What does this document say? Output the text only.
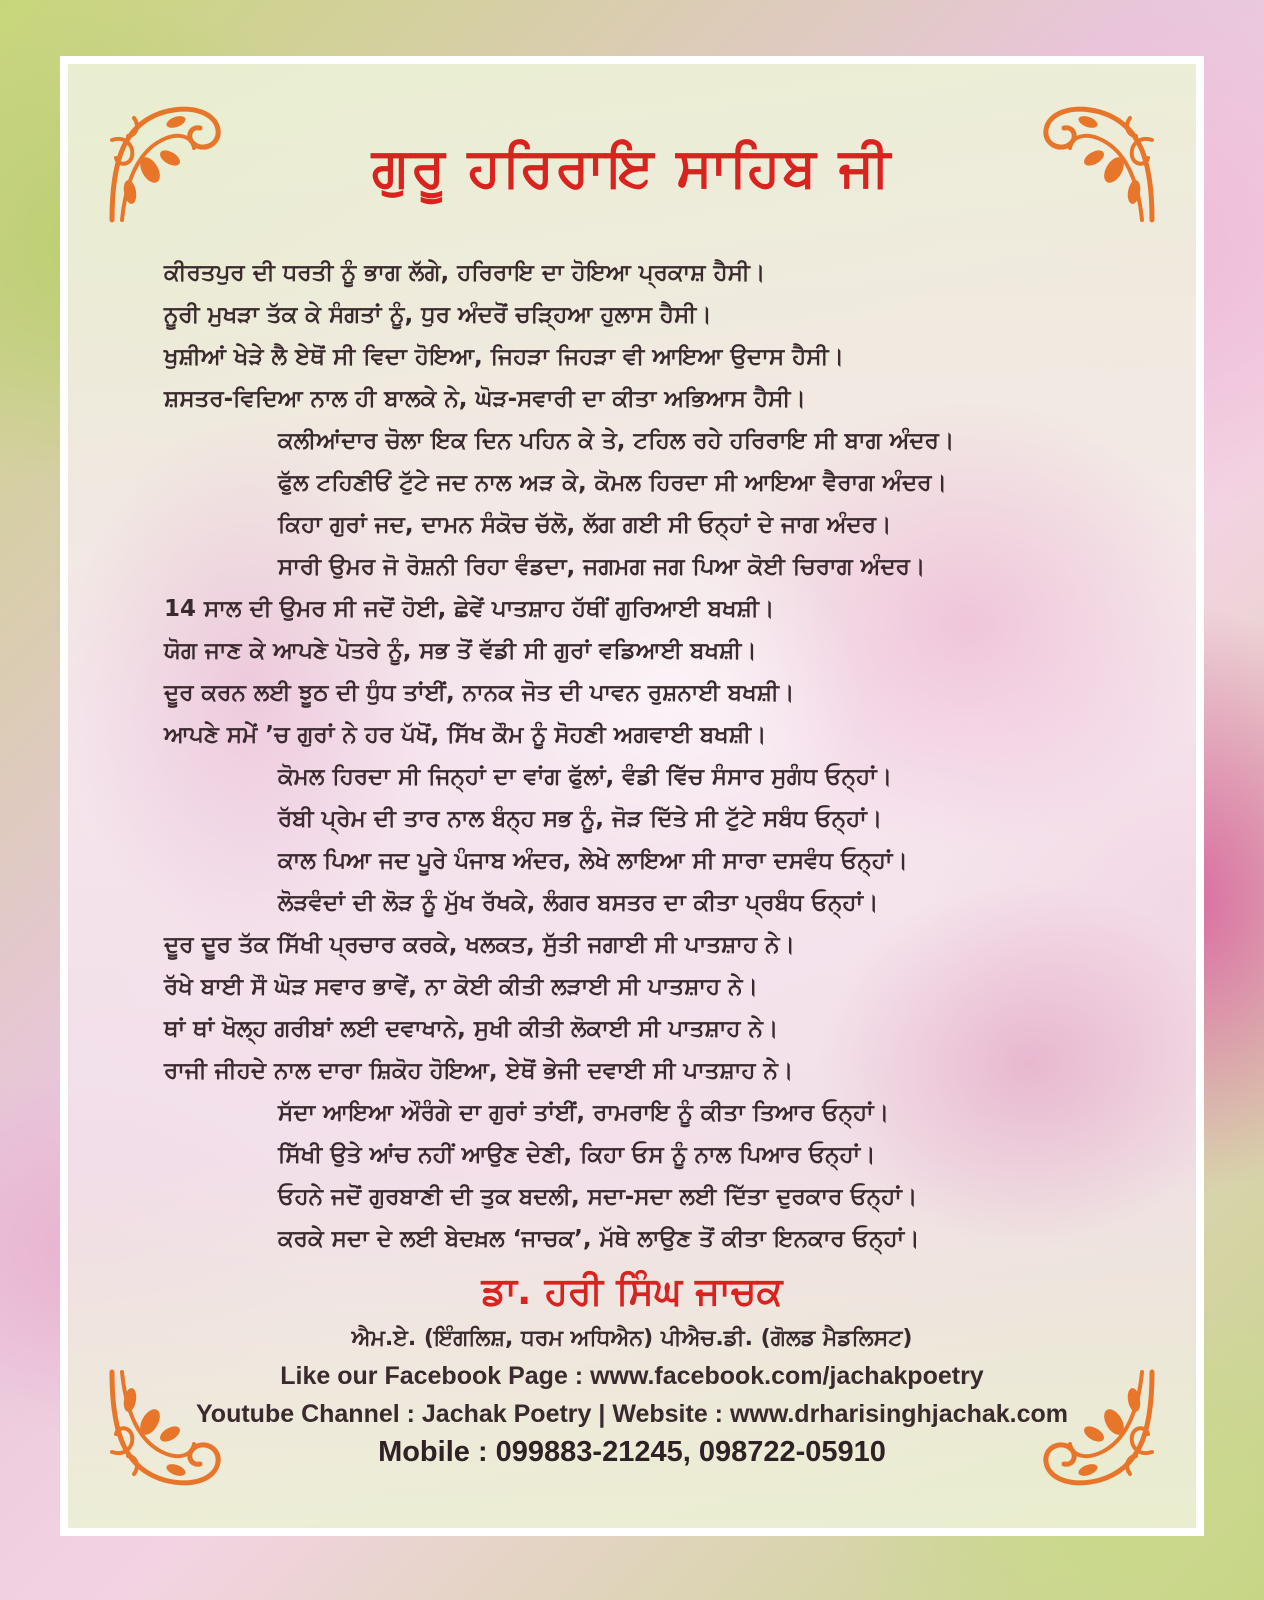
ਗੁਰੂ ਹਰਿਰਾਇ ਸਾਹਿਬ ਜੀ
ਕੀਰਤਪੁਰ ਦੀ ਧਰਤੀ ਨੂੰ ਭਾਗ ਲੱਗੇ, ਹਰਿਰਾਇ ਦਾ ਹੋਇਆ ਪ੍ਰਕਾਸ਼ ਹੈਸੀ।
ਨੂਰੀ ਮੁਖੜਾ ਤੱਕ ਕੇ ਸੰਗਤਾਂ ਨੂੰ, ਧੁਰ ਅੰਦਰੋਂ ਚੜ੍ਹਿਆ ਹੁਲਾਸ ਹੈਸੀ।
ਖੁਸ਼ੀਆਂ ਖੇੜੇ ਲੈ ਏਥੋਂ ਸੀ ਵਿਦਾ ਹੋਇਆ, ਜਿਹੜਾ ਜਿਹੜਾ ਵੀ ਆਇਆ ਉਦਾਸ ਹੈਸੀ।
ਸ਼ਸਤਰ-ਵਿਦਿਆ ਨਾਲ ਹੀ ਬਾਲਕੇ ਨੇ, ਘੋੜ-ਸਵਾਰੀ ਦਾ ਕੀਤਾ ਅਭਿਆਸ ਹੈਸੀ।
ਕਲੀਆਂਦਾਰ ਚੋਲਾ ਇਕ ਦਿਨ ਪਹਿਨ ਕੇ ਤੇ, ਟਹਿਲ ਰਹੇ ਹਰਿਰਾਇ ਸੀ ਬਾਗ ਅੰਦਰ।
ਫੁੱਲ ਟਹਿਣੀਓਂ ਟੁੱਟੇ ਜਦ ਨਾਲ ਅੜ ਕੇ, ਕੋਮਲ ਹਿਰਦਾ ਸੀ ਆਇਆ ਵੈਰਾਗ ਅੰਦਰ।
ਕਿਹਾ ਗੁਰਾਂ ਜਦ, ਦਾਮਨ ਸੰਕੋਚ ਚੱਲੋ, ਲੱਗ ਗਈ ਸੀ ਓਨ੍ਹਾਂ ਦੇ ਜਾਗ ਅੰਦਰ।
ਸਾਰੀ ਉਮਰ ਜੋ ਰੋਸ਼ਨੀ ਰਿਹਾ ਵੰਡਦਾ, ਜਗਮਗ ਜਗ ਪਿਆ ਕੋਈ ਚਿਰਾਗ ਅੰਦਰ।
14 ਸਾਲ ਦੀ ਉਮਰ ਸੀ ਜਦੋਂ ਹੋਈ, ਛੇਵੇਂ ਪਾਤਸ਼ਾਹ ਹੱਥੀਂ ਗੁਰਿਆਈ ਬਖਸ਼ੀ।
ਯੋਗ ਜਾਣ ਕੇ ਆਪਣੇ ਪੋਤਰੇ ਨੂੰ, ਸਭ ਤੋਂ ਵੱਡੀ ਸੀ ਗੁਰਾਂ ਵਡਿਆਈ ਬਖਸ਼ੀ।
ਦੂਰ ਕਰਨ ਲਈ ਝੂਠ ਦੀ ਧੁੰਧ ਤਾਂਈਂ, ਨਾਨਕ ਜੋਤ ਦੀ ਪਾਵਨ ਰੁਸ਼ਨਾਈ ਬਖਸ਼ੀ।
ਆਪਣੇ ਸਮੇਂ ’ਚ ਗੁਰਾਂ ਨੇ ਹਰ ਪੱਖੋਂ, ਸਿੱਖ ਕੌਮ ਨੂੰ ਸੋਹਣੀ ਅਗਵਾਈ ਬਖਸ਼ੀ।
ਕੋਮਲ ਹਿਰਦਾ ਸੀ ਜਿਨ੍ਹਾਂ ਦਾ ਵਾਂਗ ਫੁੱਲਾਂ, ਵੰਡੀ ਵਿੱਚ ਸੰਸਾਰ ਸੁਗੰਧ ਓਨ੍ਹਾਂ।
ਰੱਬੀ ਪ੍ਰੇਮ ਦੀ ਤਾਰ ਨਾਲ ਬੰਨ੍ਹ ਸਭ ਨੂੰ, ਜੋੜ ਦਿੱਤੇ ਸੀ ਟੁੱਟੇ ਸਬੰਧ ਓਨ੍ਹਾਂ।
ਕਾਲ ਪਿਆ ਜਦ ਪੂਰੇ ਪੰਜਾਬ ਅੰਦਰ, ਲੇਖੇ ਲਾਇਆ ਸੀ ਸਾਰਾ ਦਸਵੰਧ ਓਨ੍ਹਾਂ।
ਲੋੜਵੰਦਾਂ ਦੀ ਲੋੜ ਨੂੰ ਮੁੱਖ ਰੱਖਕੇ, ਲੰਗਰ ਬਸਤਰ ਦਾ ਕੀਤਾ ਪ੍ਰਬੰਧ ਓਨ੍ਹਾਂ।
ਦੂਰ ਦੂਰ ਤੱਕ ਸਿੱਖੀ ਪ੍ਰਚਾਰ ਕਰਕੇ, ਖਲਕਤ, ਸੁੱਤੀ ਜਗਾਈ ਸੀ ਪਾਤਸ਼ਾਹ ਨੇ।
ਰੱਖੇ ਬਾਈ ਸੌ ਘੋੜ ਸਵਾਰ ਭਾਵੇਂ, ਨਾ ਕੋਈ ਕੀਤੀ ਲੜਾਈ ਸੀ ਪਾਤਸ਼ਾਹ ਨੇ।
ਥਾਂ ਥਾਂ ਖੋਲ੍ਹ ਗਰੀਬਾਂ ਲਈ ਦਵਾਖਾਨੇ, ਸੁਖੀ ਕੀਤੀ ਲੋਕਾਈ ਸੀ ਪਾਤਸ਼ਾਹ ਨੇ।
ਰਾਜੀ ਜੀਹਦੇ ਨਾਲ ਦਾਰਾ ਸ਼ਿਕੋਹ ਹੋਇਆ, ਏਥੋਂ ਭੇਜੀ ਦਵਾਈ ਸੀ ਪਾਤਸ਼ਾਹ ਨੇ।
ਸੱਦਾ ਆਇਆ ਔਰੰਗੇ ਦਾ ਗੁਰਾਂ ਤਾਂਈਂ, ਰਾਮਰਾਇ ਨੂੰ ਕੀਤਾ ਤਿਆਰ ਓਨ੍ਹਾਂ।
ਸਿੱਖੀ ਉਤੇ ਆਂਚ ਨਹੀਂ ਆਉਣ ਦੇਣੀ, ਕਿਹਾ ਓਸ ਨੂੰ ਨਾਲ ਪਿਆਰ ਓਨ੍ਹਾਂ।
ਓਹਨੇ ਜਦੋਂ ਗੁਰਬਾਣੀ ਦੀ ਤੁਕ ਬਦਲੀ, ਸਦਾ-ਸਦਾ ਲਈ ਦਿੱਤਾ ਦੁਰਕਾਰ ਓਨ੍ਹਾਂ।
ਕਰਕੇ ਸਦਾ ਦੇ ਲਈ ਬੇਦਖ਼ਲ ‘ਜਾਚਕ’, ਮੱਥੇ ਲਾਉਣ ਤੋਂ ਕੀਤਾ ਇਨਕਾਰ ਓਨ੍ਹਾਂ।
ਡਾ. ਹਰੀ ਸਿੰਘ ਜਾਚਕ
ਐਮ.ਏ. (ਇੰਗਲਿਸ਼, ਧਰਮ ਅਧਿਐਨ) ਪੀਐਚ.ਡੀ. (ਗੋਲਡ ਮੈਡਲਿਸਟ)
Like our Facebook Page : www.facebook.com/jachakpoetry
Youtube Channel : Jachak Poetry | Website : www.drharisinghjachak.com
Mobile : 099883-21245, 098722-05910
